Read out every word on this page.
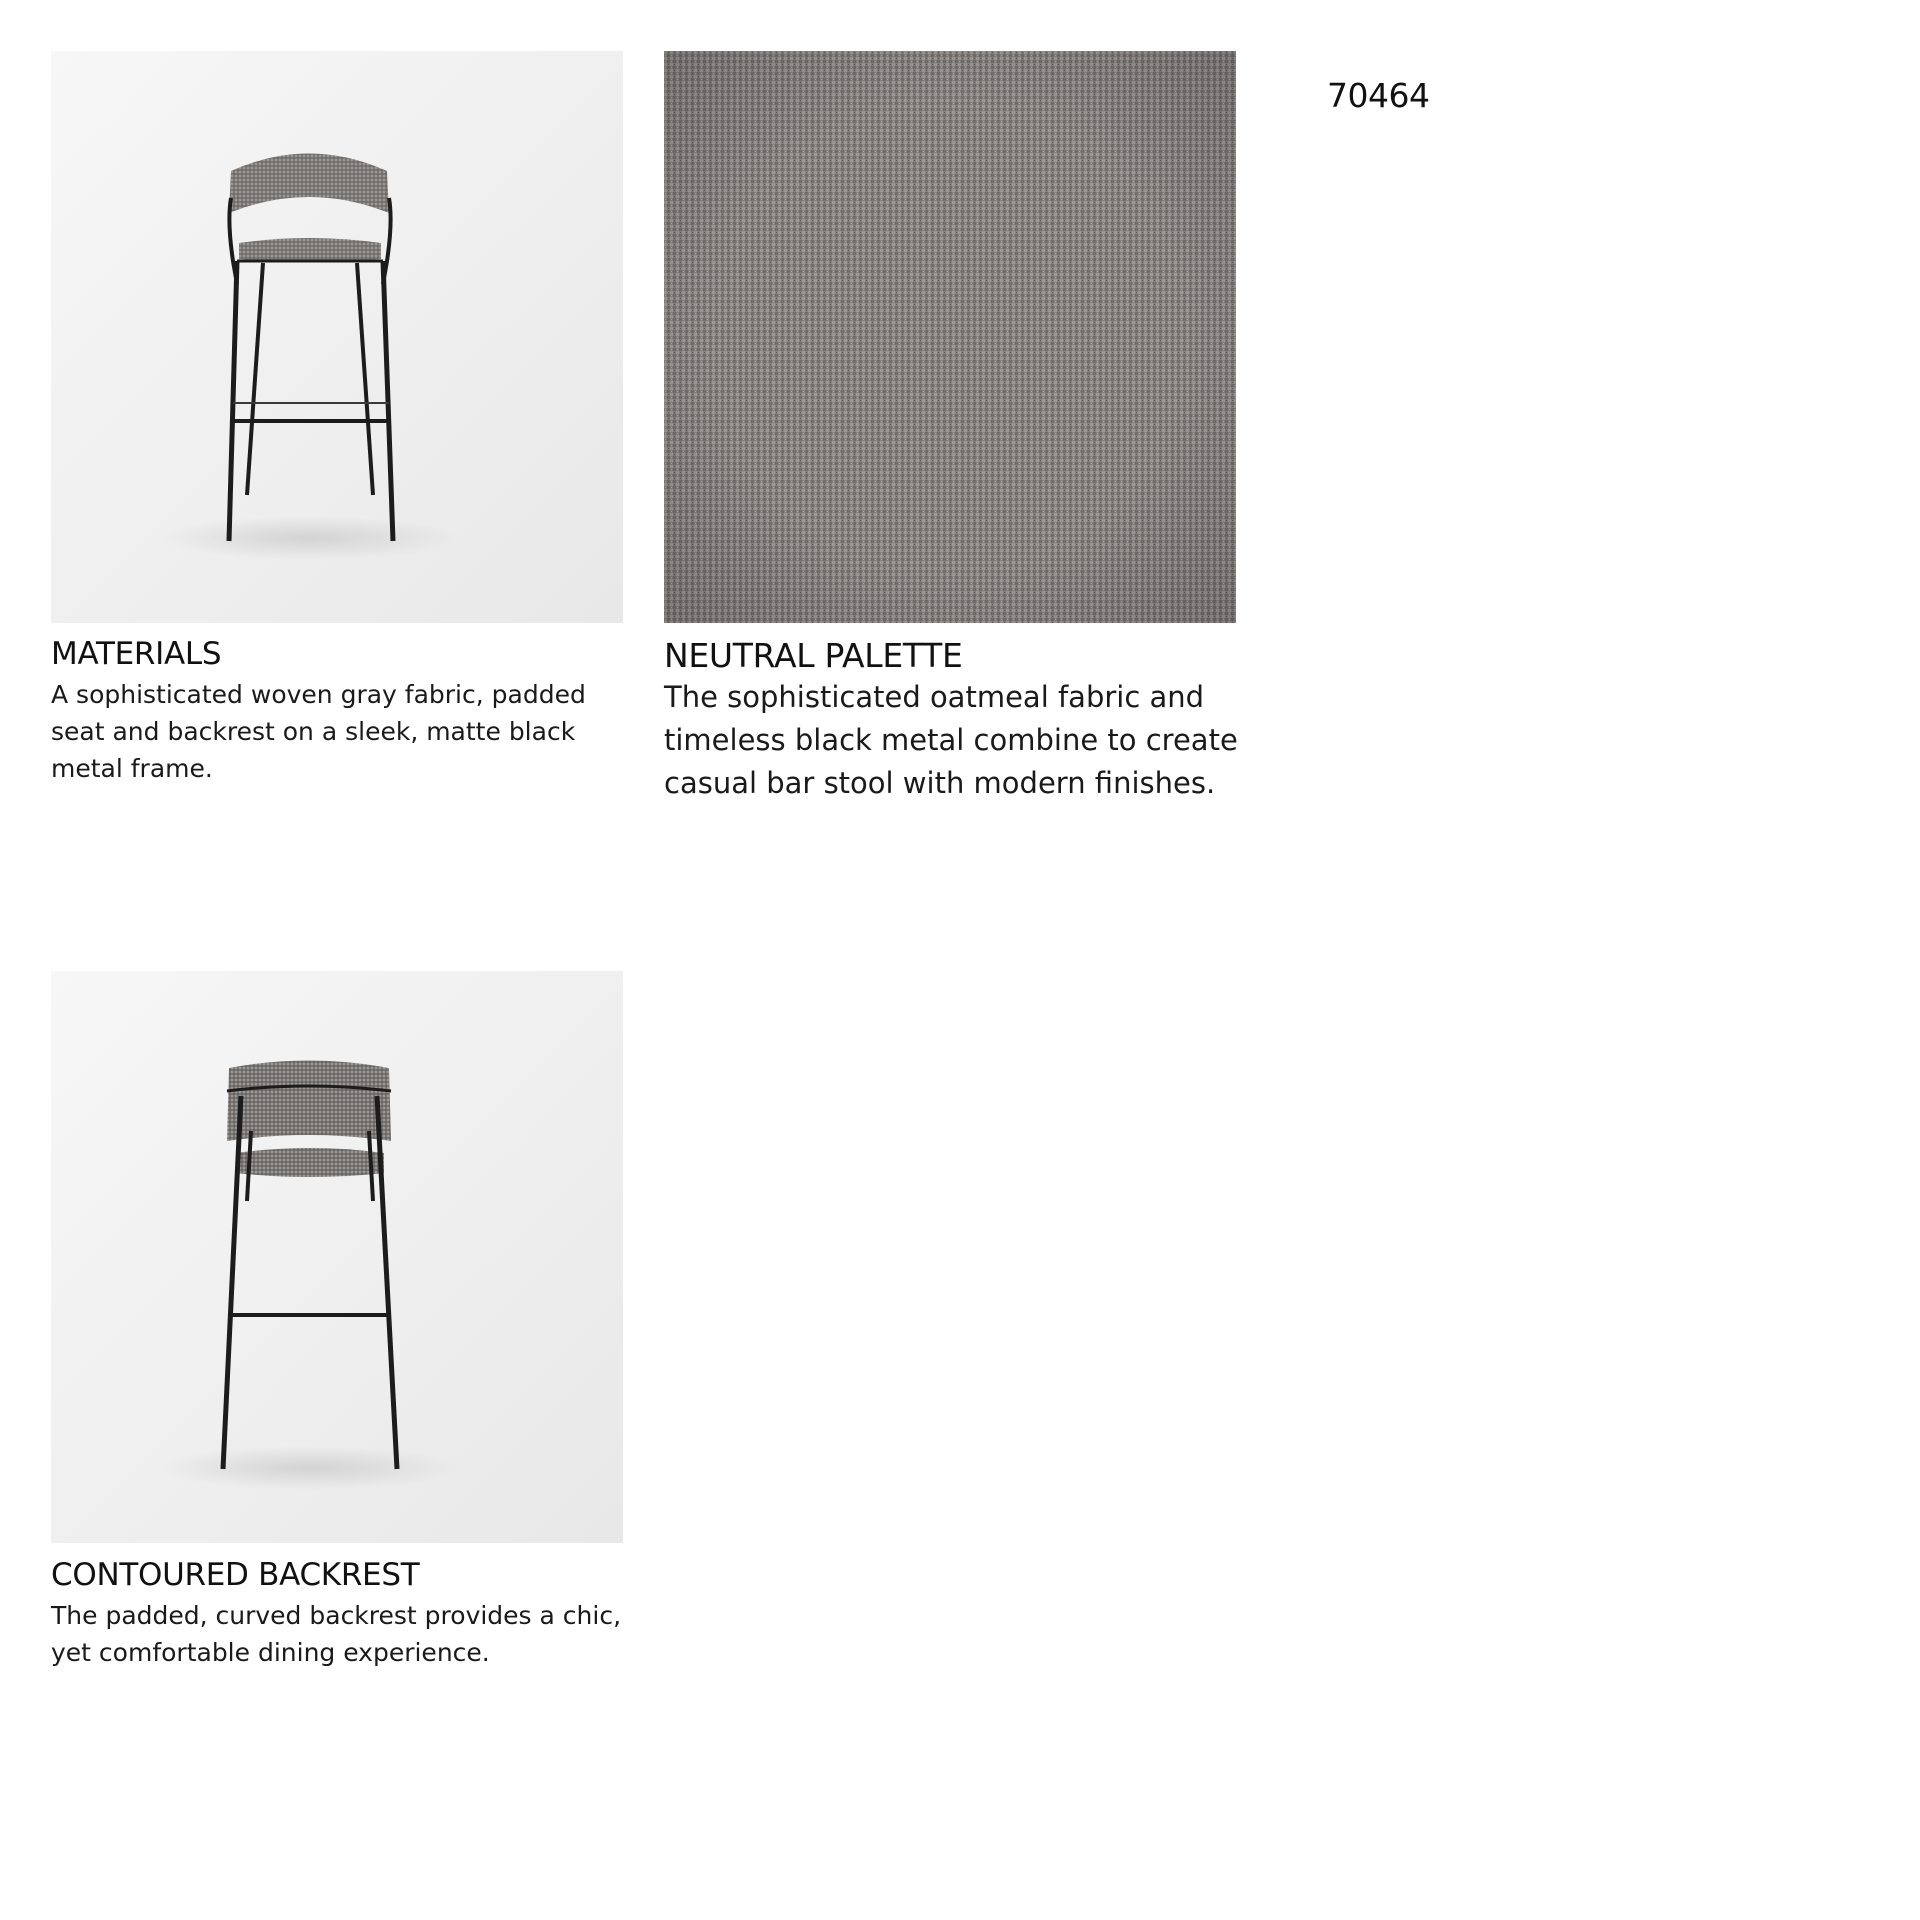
MATERIALS

A sophisticated woven gray fabric, padded seat and backrest on a sleek, matte black metal frame.

NEUTRAL PALETTE

The sophisticated oatmeal fabric and timeless black metal combine to create casual bar stool with modern finishes.

70464

CONTOURED BACKREST

The padded, curved backrest provides a chic, yet comfortable dining experience.
